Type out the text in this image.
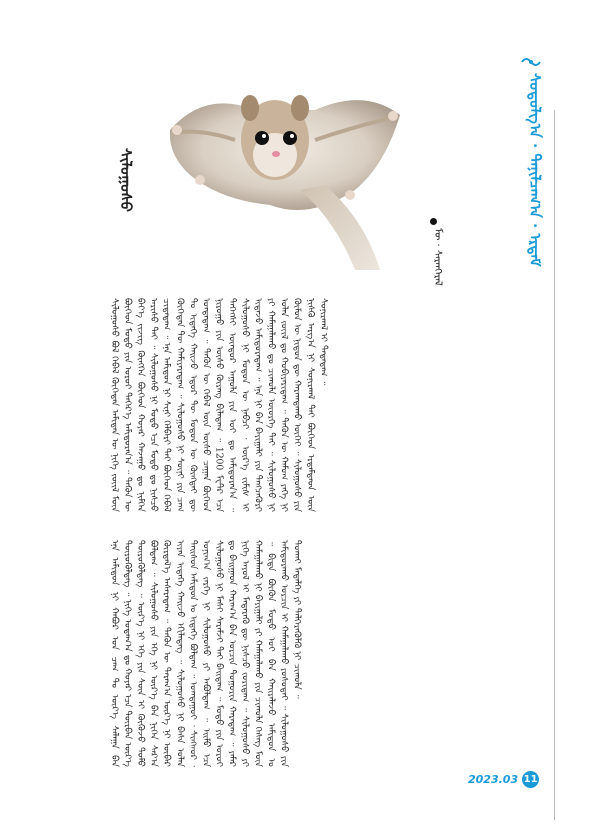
ᠰᠤᠳᠤᠯᠭ᠎ᠠ · ᠲᠠᠨᠢᠯᠴᠠᠭ᠎ᠠ · ᠡᠷᠳᠡᠮ
ᠰᠢᠯᠤᠭᠤᠰᠤ
ᠮᠥ · ᠰᠠᠷᠠᠨᠭᠡᠷᠡᠯ

ᠰᠢᠯᠤᠭᠤᠰᠤ ᠪᠣᠯ ᠬᠡᠪᠡᠯ ᠬᠥᠬᠡᠲᠡᠨ ᠠᠮᠢᠲᠠᠨ ᠦ ᠨᠢᠭᠡ ᠵᠦᠢᠯ ᠮᠥᠨ ᠪᠥᠭᠡᠳ ᠮᠣᠳᠣ ᠶᠢᠨ ᠣᠷᠣᠢ ᠳᠡᠭᠡᠷ᠎ᠡ ᠠᠮᠢᠳᠤᠷᠠᠨ᠎ᠠ ᠃ ᠲᠡᠭᠦᠨ ᠦ ᠪᠡᠶ᠎ᠡ ᠵᠢᠵᠢᠭ ᠬᠥᠩᠭᠡᠨ ᠪᠥᠭᠡᠳ ᠬᠣᠶᠠᠷ ᠬᠠᠵᠠᠭᠤ ᠳᠤ ᠨᠢᠮᠭᠡᠨ ᠠᠷᠢᠰᠤ ᠲᠠᠢ ᠃ ᠰᠢᠯᠤᠭᠤᠰᠤ ᠨᠢ ᠮᠣᠳᠣ ᠡᠴᠡ ᠮᠣᠳᠣ ᠳᠤ ᠨᠢᠰᠴᠤ ᠴᠢᠳᠠᠳᠠᠭ ᠃ ᠡᠨᠡ ᠠᠮᠢᠳᠤᠨ ᠨᠢ ᠰᠢᠨᠢ ᠬᠡᠯᠪᠡᠷᠢ ᠲᠠᠢ ᠪᠥᠭᠡᠳ ᠬᠡᠪᠡᠯ ᠬᠥᠬᠡᠲᠡᠨ ᠲᠦ ᠬᠠᠮᠢᠶᠠᠷᠠᠳᠠᠭ ᠃ ᠰᠢᠯᠤᠭᠤᠰᠤ ᠨᠢ ᠰᠦᠨᠢ ᠶᠢᠨ ᠴᠠᠭ ᠲᠤ ᠢᠳᠡᠭᠡ ᠬᠠᠢᠵᠤ ᠡᠳᠦᠷ ᠲᠦ ᠮᠣᠳᠣᠨ ᠦ ᠬᠥᠩᠳᠡᠢ ᠳᠦ ᠤᠨᠲᠠᠳᠠᠭ ᠃ ᠲᠡᠭᠦᠨ ᠦ ᠬᠡᠪᠡᠯ ᠦᠨ ᠦᠰᠦ ᠴᠠᠭᠠᠨ ᠪᠥᠭᠡᠳ ᠨᠢᠷᠤᠭᠤ ᠶᠢᠨ ᠦᠰᠦ ᠬᠦᠷᠡᠩ ᠪᠢᠯᠠᠳᠠᠭ ᠃ 1200 ᠮᠧᠲᠷ ᠡᠴᠡ ᠳᠡᠭᠡᠭᠰᠢ ᠥᠨᠳᠥᠷ ᠠᠭᠤᠯᠠ ᠶᠢᠨ ᠣᠢ ᠳᠤ ᠠᠮᠢᠳᠤᠷᠠᠨ᠎ᠠ ᠃ ᠰᠢᠯᠤᠭᠤᠰᠤ ᠨᠢ ᠮᠣᠳᠣᠨ ᠦ ᠨᠠᠪᠴᠢ ᠂ ᠦᠷ᠎ᠡ ᠵᠢᠮᠢᠰ ᠢ ᠢᠳᠡᠵᠦ ᠠᠮᠢᠳᠤᠷᠠᠳᠠᠭ ᠃ ᠡᠨᠡ ᠨᠢ ᠪᠠᠨ ᠪᠠᠶᠢᠭᠠᠯᠢ ᠶᠢᠨ ᠲᠡᠩᠴᠡᠭᠦᠷᠢ ᠶᠢ ᠬᠠᠮᠠᠭᠠᠯᠠᠬᠤ ᠳᠤ ᠴᠢᠬᠤᠯᠠ ᠦᠦᠷᠭᠡ ᠲᠡᠢ ᠃ ᠰᠢᠯᠤᠭᠤᠰᠤ ᠨᠢ ᠣᠯᠠᠨ ᠵᠦᠢᠯ ᠳᠤ ᠬᠤᠪᠢᠶᠠᠷᠢᠳᠠᠭ ᠃ ᠲᠡᠭᠦᠨ ᠦ ᠬᠠᠮᠤᠭ ᠶᠡᠬᠡ ᠨᠢ ᠬᠦᠮᠦᠨ ᠦ ᠨᠢᠳᠦᠨ ᠳᠦ ᠬᠠᠷᠠᠭᠳᠠᠬᠤ ᠦᠭᠡᠢ ᠃ ᠰᠢᠯᠤᠭᠤᠰᠤ ᠶᠢᠨ ᠨᠢᠰᠬᠦ ᠠᠷᠭ᠎ᠠ ᠨᠢ ᠰᠣᠨᠢᠷᠬᠠᠯ ᠲᠠᠢ ᠪᠥᠭᠡᠳ ᠡᠷᠳᠡᠮᠲᠡᠳ ᠦᠨ ᠰᠣᠨᠢᠷᠬᠠᠯ ᠢ ᠲᠠᠲᠠᠳᠠᠭ ᠃

ᠡᠨᠡ ᠠᠮᠢᠳᠤᠨ ᠨᠢ ᠬᠠᠪᠤᠷ ᠤᠨ ᠴᠠᠭ ᠲᠤ ᠦᠷ᠎ᠡ ᠰᠠᠯᠠᠭᠠ ᠪᠠᠨ ᠲᠦᠷᠦᠭᠦᠯᠳᠡᠭ ᠃ ᠨᠢᠭᠡ ᠤᠳᠠᠭ᠎ᠠ ᠳᠤ ᠬᠣᠶᠠᠷ ᠡᠴᠡ ᠳᠥᠷᠪᠡᠨ ᠦᠷ᠎ᠡ ᠲᠥᠷᠦᠭᠦᠯᠳᠡᠭ ᠃ ᠦᠷ᠎ᠡ ᠨᠢ ᠡᠬᠡ ᠶᠢᠨ ᠰᠦᠨ ᠢ ᠬᠥᠬᠦᠵᠦ ᠲᠣᠮᠣ ᠪᠣᠯᠳᠠᠭ ᠃ ᠰᠢᠯᠤᠭᠤᠰᠤ ᠶᠢᠨ ᠡᠬᠡ ᠨᠢ ᠦᠷ᠎ᠡ ᠪᠡᠨ ᠨᠢᠭᠡᠨ ᠰᠠᠷ᠎ᠠ ᠬᠦᠷᠲᠡᠯ᠎ᠡ ᠠᠰᠠᠷᠠᠳᠠᠭ ᠃ ᠲᠡᠭᠦᠨ ᠦ ᠳᠠᠷᠠᠭ᠎ᠠ ᠦᠷ᠎ᠡ ᠨᠢ ᠥᠪᠡᠷ ᠢᠶᠡᠨ ᠢᠳᠡᠭᠡ ᠬᠠᠢᠵᠤ ᠡᠬᠢᠯᠡᠳᠡᠭ ᠃ ᠰᠢᠯᠤᠭᠤᠰᠤ ᠨᠢ ᠪᠠᠰᠠ ᠣᠯᠠᠨ ᠳᠠᠢᠰᠤᠨ ᠠᠮᠢᠳᠤᠨ ᠤ ᠢᠳᠡᠭᠡ ᠪᠣᠯᠳᠠᠭ ᠃ ᠣᠭᠲᠠᠭᠤᠢ ᠂ ᠰᠢᠩᠬᠤᠷ ᠂ ᠤᠨᠢᠭ᠎ᠠ ᠵᠡᠷᠭᠡ ᠨᠢ ᠰᠢᠯᠤᠭᠤᠰᠤ ᠶᠢ ᠠᠪᠤᠯᠳᠠᠭ ᠃ ᠡᠢᠮᠦ ᠡᠴᠡ ᠰᠢᠯᠤᠭᠤᠰᠤ ᠨᠢ ᠮᠠᠰᠢ ᠰᠡᠷᠡᠮᠵᠢ ᠲᠠᠢ ᠪᠠᠢᠳᠠᠭ ᠃ ᠮᠣᠳᠣ ᠶᠢᠨ ᠣᠷᠣᠢ ᠳᠤ ᠪᠠᠢᠭᠠᠳ ᠬᠠᠷᠠᠭ᠎ᠠ ᠪᠠᠨ ᠣᠷᠴᠢᠨ ᠲᠣᠭᠣᠷᠢᠨ ᠬᠠᠷᠠᠳᠠᠭ ᠃ ᠶᠠᠮᠠᠷ ᠨᠢᠭᠡ ᠠᠶᠤᠯ ᠢ ᠮᠡᠳᠡᠷᠡᠬᠦ ᠳᠦ ᠨᠢᠰᠴᠤ ᠵᠣᠷᠢᠳᠠᠭ ᠃ ᠰᠢᠯᠤᠭᠤᠰᠤ ᠶᠢ ᠬᠠᠮᠠᠭᠠᠯᠠᠬᠤ ᠨᠢ ᠪᠠᠶᠢᠭᠠᠯᠢ ᠶᠢ ᠬᠠᠮᠠᠭᠠᠯᠠᠬᠤ ᠶᠢᠨ ᠴᠢᠬᠤᠯᠠ ᠬᠡᠰᠡᠭ ᠮᠥᠨ ᠃ ᠪᠢᠳᠡ ᠪᠦᠬᠦᠨ ᠮᠣᠳᠣ ᠣᠢ ᠪᠠᠨ ᠬᠠᠢᠷᠠᠯᠠᠵᠤ ᠠᠮᠢᠳᠤᠨ ᠤ ᠠᠮᠢᠳᠤᠷᠠᠬᠤ ᠣᠷᠴᠢᠨ ᠢ ᠬᠠᠮᠠᠭᠠᠯᠠᠬᠤ ᠶᠣᠰᠣᠲᠠᠢ ᠃ ᠰᠢᠯᠤᠭᠤᠰᠤ ᠶᠢᠨ ᠲᠤᠬᠠᠢ ᠮᠡᠳᠡᠯᠭᠡ ᠶᠢ ᠳᠡᠯᠭᠡᠷᠡᠭᠦᠯᠬᠦ ᠨᠢ ᠴᠢᠬᠤᠯᠠ ᠃

2023.03 11
